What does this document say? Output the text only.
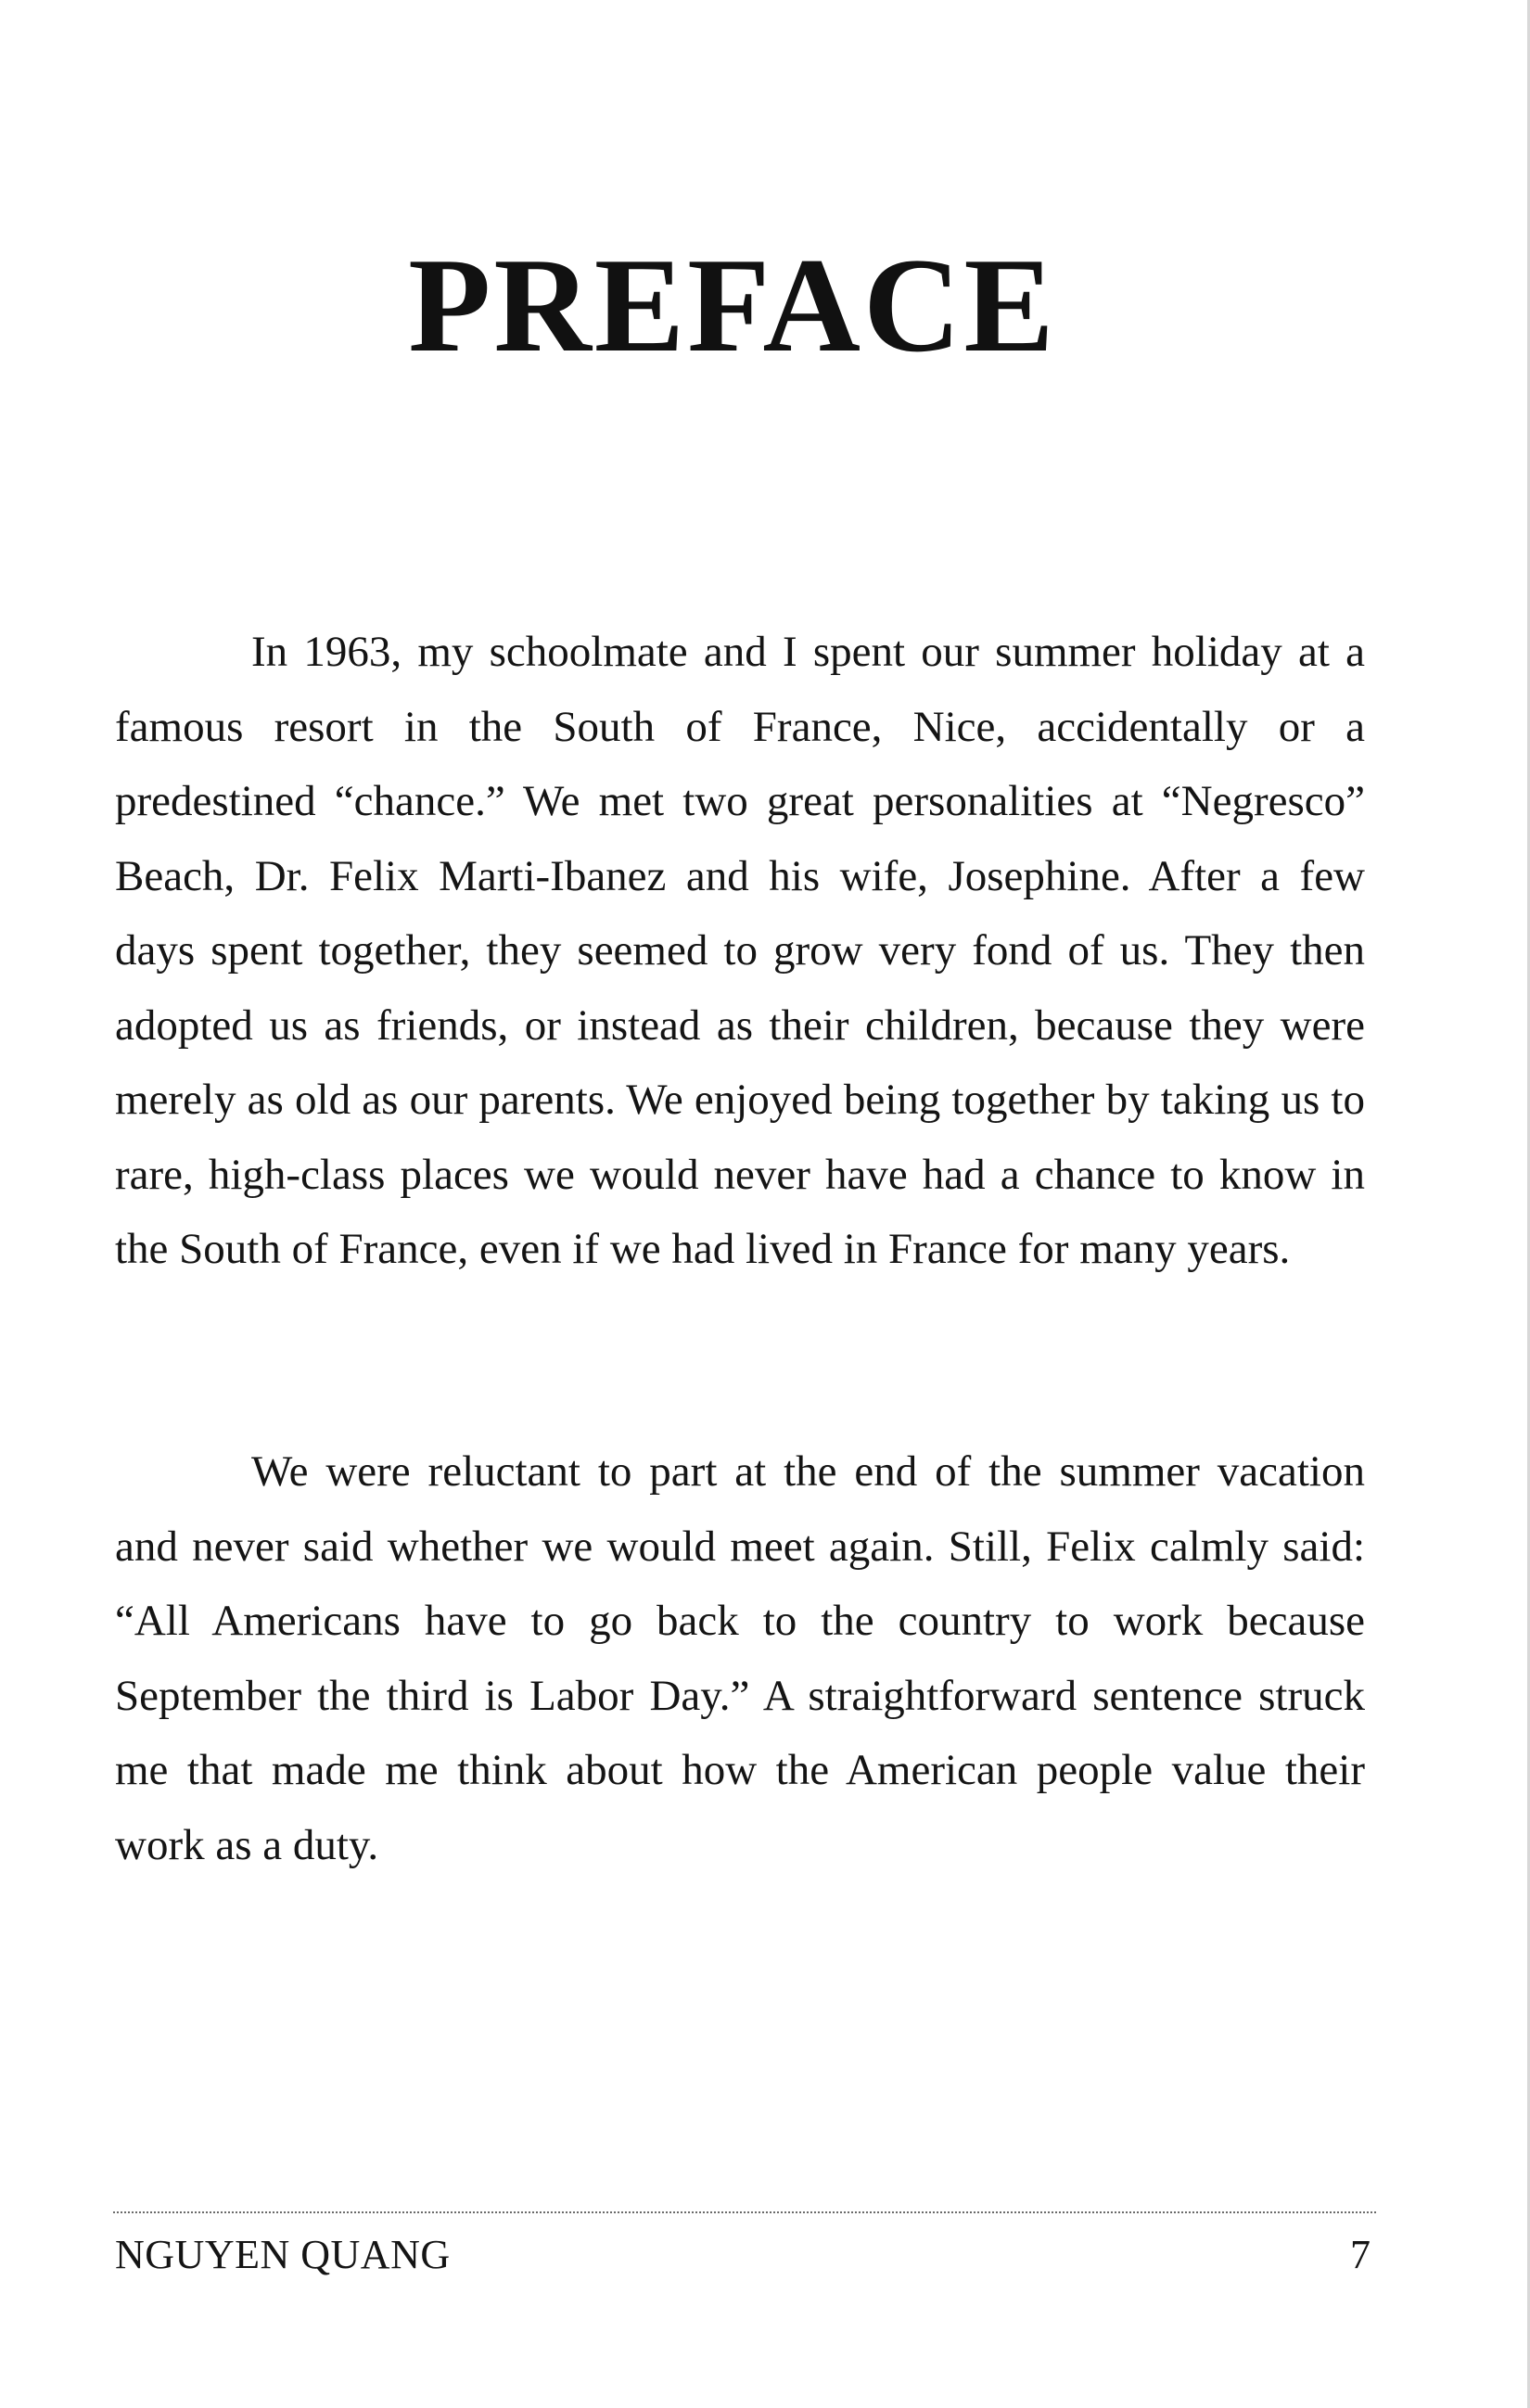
PREFACE

In 1963, my schoolmate and I spent our summer holiday at a famous resort in the South of France, Nice, accidentally or a predestined “chance.” We met two great personalities at “Negresco” Beach, Dr. Felix Marti-Ibanez and his wife, Josephine. After a few days spent together, they seemed to grow very fond of us. They then adopted us as friends, or instead as their children, because they were merely as old as our parents. We enjoyed being together by taking us to rare, high-class places we would never have had a chance to know in the South of France, even if we had lived in France for many years.

We were reluctant to part at the end of the summer vacation and never said whether we would meet again. Still, Felix calmly said: “All Americans have to go back to the country to work because September the third is Labor Day.” A straightforward sentence struck me that made me think about how the American people value their work as a duty.

NGUYEN QUANG	7
